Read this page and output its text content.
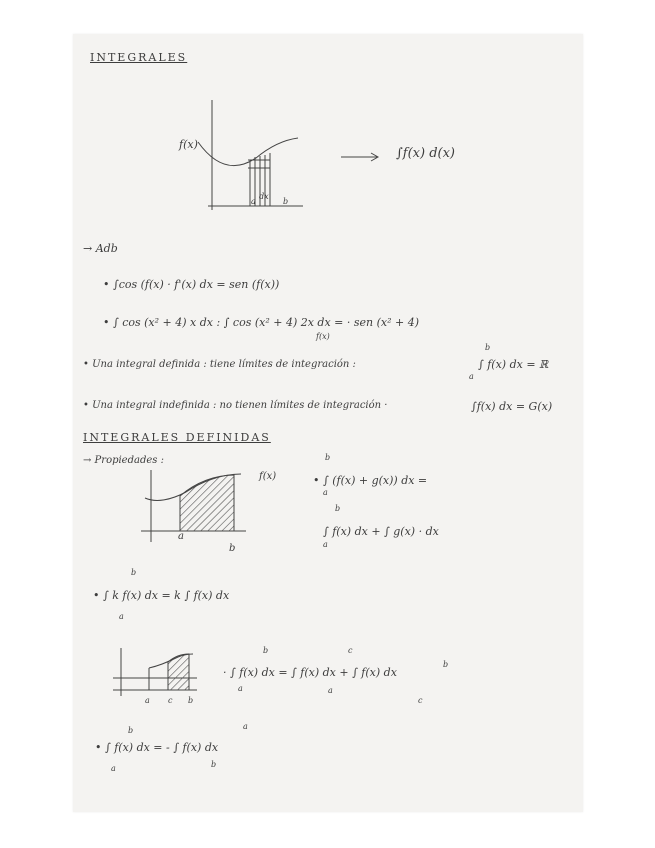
INTEGRALES
f(x)
a
dx
b
∫f(x) d(x)
→ Adb
• ∫cos (f(x) · f'(x) dx = sen (f(x))
• ∫ cos (x² + 4) x dx : ∫ cos (x² + 4) 2x dx = · sen (x² + 4)
f(x)
• Una integral definida : tiene límites de integración :
b
∫ f(x) dx = ℝ
a
• Una integral indefinida : no tienen límites de integración ·	∫f(x) dx = G(x)
INTEGRALES DEFINIDAS
→ Propiedades :
f(x)
a
b
b
• ∫ (f(x) + g(x)) dx =
a
b
∫ f(x) dx + ∫ g(x) · dx
a
b
• ∫ k f(x) dx = k ∫ f(x) dx
a
a c b
b	c
b
· ∫ f(x) dx = ∫ f(x) dx + ∫ f(x) dx
a	a
c
b	a
• ∫ f(x) dx = - ∫ f(x) dx
a	b
